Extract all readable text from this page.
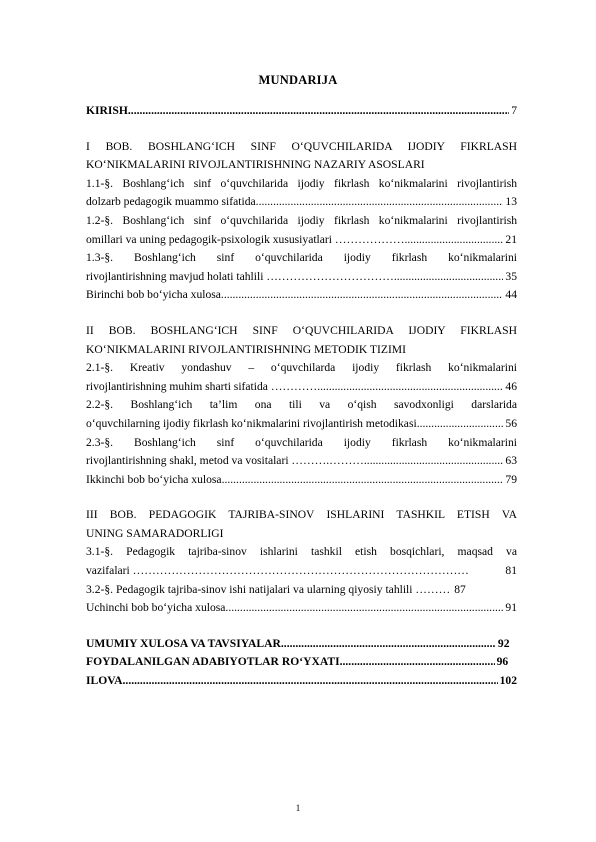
MUNDARIJA
KIRISH .....	7
I BOB. BOSHLANG‘ICH SINF O‘QUVCHILARIDA IJODIY FIKRLASH
KO‘NIKMALARINI RIVOJLANTIRISHNING NAZARIY ASOSLARI
1.1-§. Boshlang‘ich sinf o‘quvchilarida ijodiy fikrlash ko‘nikmalarini rivojlantirish
dolzarb pedagogik muammo sifatida .....	13
1.2-§. Boshlang‘ich sinf o‘quvchilarida ijodiy fikrlash ko‘nikmalarini rivojlantirish
omillari va uning pedagogik-psixologik xususiyatlari ……………… .....	21
1.3-§. Boshlang‘ich sinf o‘quvchilarida ijodiy fikrlash ko‘nikmalarini
rivojlantirishning mavjud holati tahlili …………………………… .....	35
Birinchi bob bo‘yicha xulosa .....	44
II BOB. BOSHLANG‘ICH SINF O‘QUVCHILARIDA IJODIY FIKRLASH
KO‘NIKMALARINI RIVOJLANTIRISHNING METODIK TIZIMI
2.1-§. Kreativ yondashuv – o‘quvchilarda ijodiy fikrlash ko‘nikmalarini
rivojlantirishning muhim sharti sifatida ………… .....	46
2.2-§. Boshlang‘ich ta’lim ona tili va o‘qish savodxonligi darslarida
o‘quvchilarning ijodiy fikrlash ko‘nikmalarini rivojlantirish metodikasi .....	56
2.3-§. Boshlang‘ich sinf o‘quvchilarida ijodiy fikrlash ko‘nikmalarini
rivojlantirishning shakl, metod va vositalari ……….……… .....	63
Ikkinchi bob bo‘yicha xulosa .....	79
III BOB. PEDAGOGIK TAJRIBA-SINOV ISHLARINI TASHKIL ETISH VA
UNING SAMARADORLIGI
3.1-§. Pedagogik tajriba-sinov ishlarini tashkil etish bosqichlari, maqsad va
vazifalari ……………………………………………………………………………	81
3.2-§. Pedagogik tajriba-sinov ishi natijalari va ularning qiyosiy tahlili ……… 87
Uchinchi bob bo‘yicha xulosa .....	91
UMUMIY XULOSA VA TAVSIYALAR .....	92
FOYDALANILGAN ADABIYOTLAR RO‘YXATI .....	96
ILOVA .....	102
1
